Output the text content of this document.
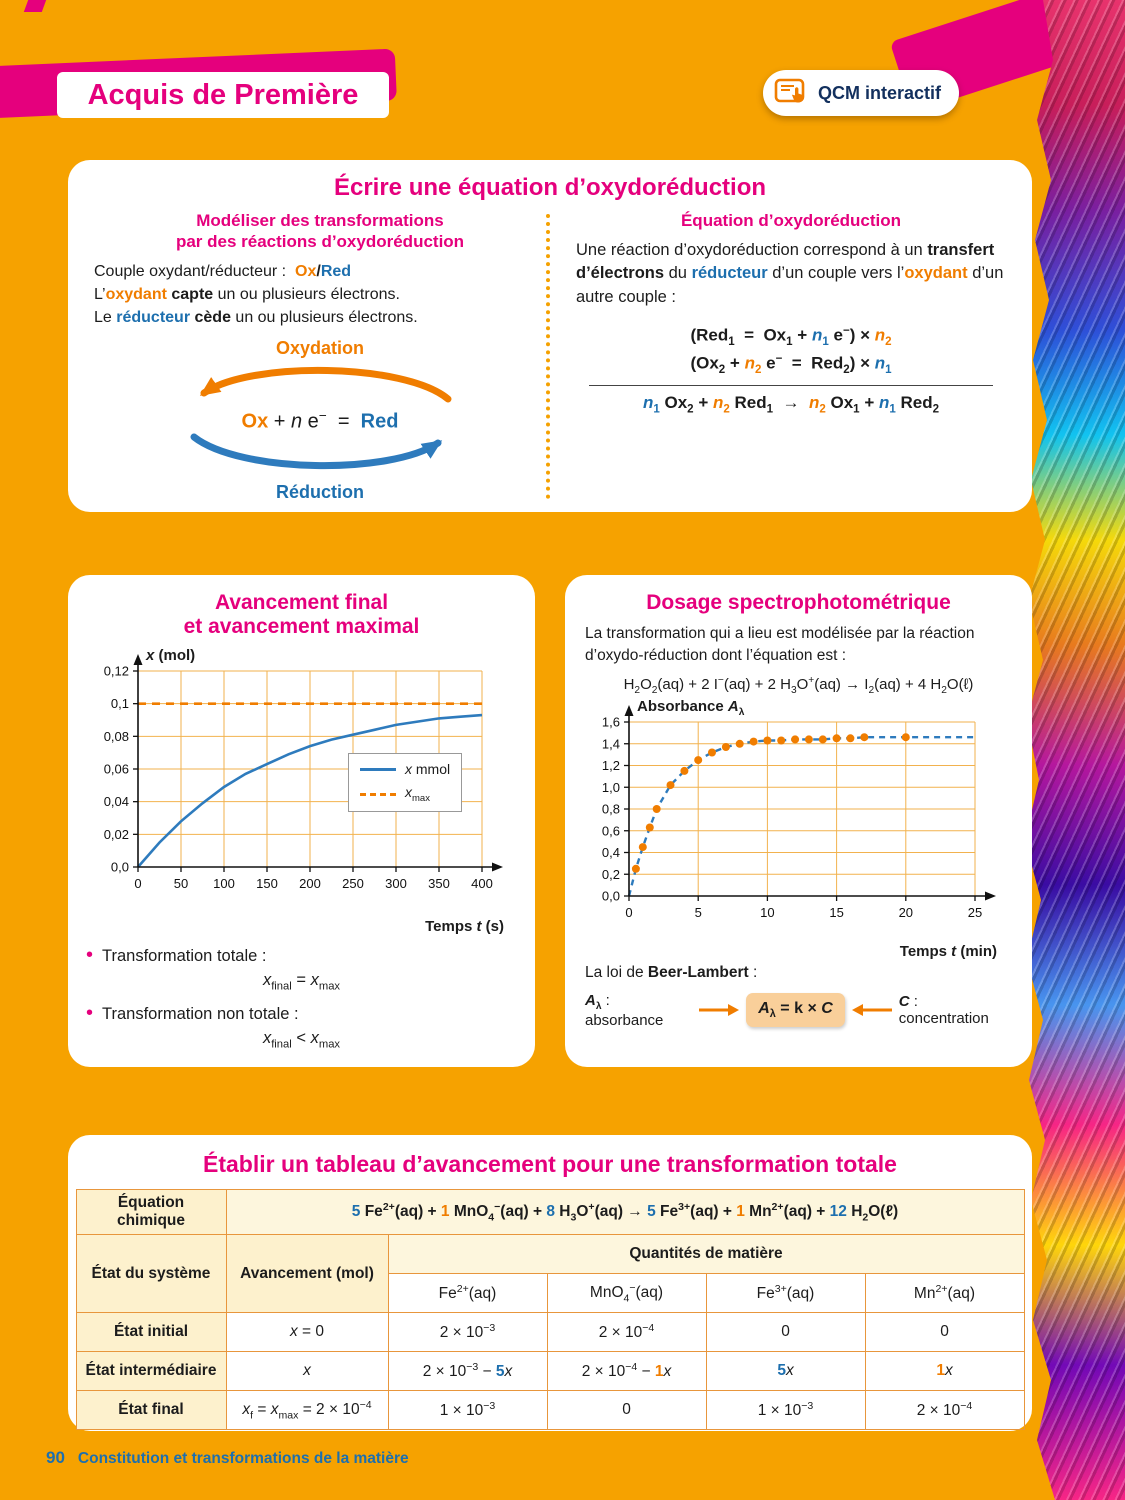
Acquis de Première	QCM interactif
Écrire une équation d’oxydoréduction
Modéliser des transformations
par des réactions d’oxydoréduction
Couple oxydant/réducteur :  Ox/Red
L’oxydant capte un ou plusieurs électrons.
Le réducteur cède un ou plusieurs électrons.
Oxydation
Ox + n e−  =  Red
Réduction
Équation d’oxydoréduction
Une réaction d’oxydoréduction correspond à un transfert d’électrons du réducteur d’un couple vers l’oxydant d’un autre couple :
($Red_1 = Ox_1 + n_1$ $e^-) \times n_2$
($Ox_2 + n_2$ $e^- = Red_2) \times n_1$
$n_1$ $Ox_2 + n_2$ $Red_1 \to n_2$ $Ox_1 + n_1$ Red$_2$
Avancement final
et avancement maximal
0 50 100 150 200 250 300 350 400
0,0
0,02
0,04
0,06
0,08
0,1
0,12
x (mol)
Temps t (s)
x mmol
$x_{max}$
• Transformation totale :
$x_{final} = x_{max}$
• Transformation non totale :
$x_{final} < x_{max}$
Dosage spectrophotométrique
La transformation qui a lieu est modélisée par la réaction d’oxydo-réduction dont l’équation est :
$H_2O_2(aq) + 2$ I−(aq) + 2 $H_3O^+(aq) \to I_2(aq) + 4$ $H_2O(\ell)$
0	5	10	15	20	25
0,0
0,2
0,4
0,6
0,8
1,0
1,2
1,4
1,6
Absorbance $A_\lambda$
Temps t (min)
La loi de Beer-Lambert :
$A_\lambda$ : absorbance
$A_\lambda = k \times C$	C : concentration
Établir un tableau d’avancement pour une transformation totale
Équation chimique	5 $Fe^{2+}(aq) + 1$ MnO$_4$−(aq) + 8 $H_3O^+(aq) \to 5$ $Fe^{3+}(aq) + 1$ $Mn^{2+}(aq) + 12$ $H_2O(\ell)$				
État du système	Avancement (mol)	Quantités de matière			
		$Fe^{2+}(aq)$	MnO$_4$−(aq)	$Fe^{3+}(aq)$	$Mn^{2+}(aq)$
État initial	x = 0	$2 \times 10^{-3}$	$2 \times 10^{-4}$	0	0
État intermédiaire	x	$2 \times 10^{-3} - 5x$	$2 \times 10^{-4} - 1x$	5x	1x
État final	$x_f = x_{max} = 2 \times 10^{-4}$	$1 \times 10^{-3}$	0	$1 \times 10^{-3}$	$2 \times 10^{-4}$
90 Constitution et transformations de la matière
